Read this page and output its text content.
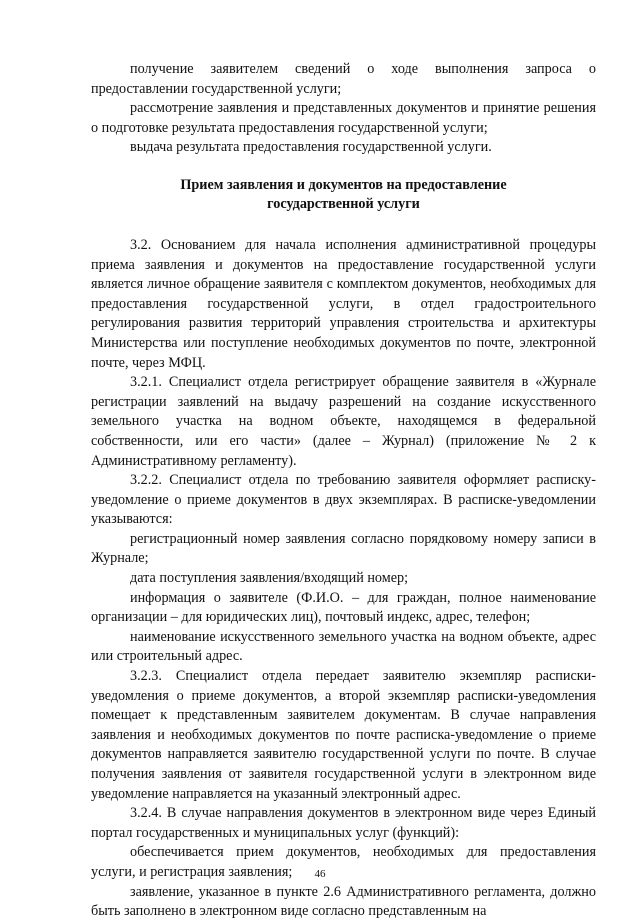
получение заявителем сведений о ходе выполнения запроса о предоставлении государственной услуги;

рассмотрение заявления и представленных документов и принятие решения о подготовке результата предоставления государственной услуги;

выдача результата предоставления государственной услуги.

Прием заявления и документов на предоставление
государственной услуги

3.2. Основанием для начала исполнения административной процедуры приема заявления и документов на предоставление государственной услуги является личное обращение заявителя с комплектом документов, необходимых для предоставления государственной услуги, в отдел градостроительного регулирования развития территорий управления строительства и архитектуры Министерства или поступление необходимых документов по почте, электронной почте, через МФЦ.

3.2.1. Специалист отдела регистрирует обращение заявителя в «Журнале регистрации заявлений на выдачу разрешений на создание искусственного земельного участка на водном объекте, находящемся в федеральной собственности, или его части» (далее – Журнал) (приложение № 2 к Административному регламенту).

3.2.2. Специалист отдела по требованию заявителя оформляет расписку-уведомление о приеме документов в двух экземплярах. В расписке-уведомлении указываются:

регистрационный номер заявления согласно порядковому номеру записи в Журнале;

дата поступления заявления/входящий номер;

информация о заявителе (Ф.И.О. – для граждан, полное наименование организации – для юридических лиц), почтовый индекс, адрес, телефон;

наименование искусственного земельного участка на водном объекте, адрес или строительный адрес.

3.2.3. Специалист отдела передает заявителю экземпляр расписки-уведомления о приеме документов, а второй экземпляр расписки-уведомления помещает к представленным заявителем документам. В случае направления заявления и необходимых документов по почте расписка-уведомление о приеме документов направляется заявителю государственной услуги по почте. В случае получения заявления от заявителя государственной услуги в электронном виде уведомление направляется на указанный электронный адрес.

3.2.4. В случае направления документов в электронном виде через Единый портал государственных и муниципальных услуг (функций):

обеспечивается прием документов, необходимых для предоставления услуги, и регистрация заявления;

заявление, указанное в пункте 2.6 Административного регламента, должно быть заполнено в электронном виде согласно представленным на

46
